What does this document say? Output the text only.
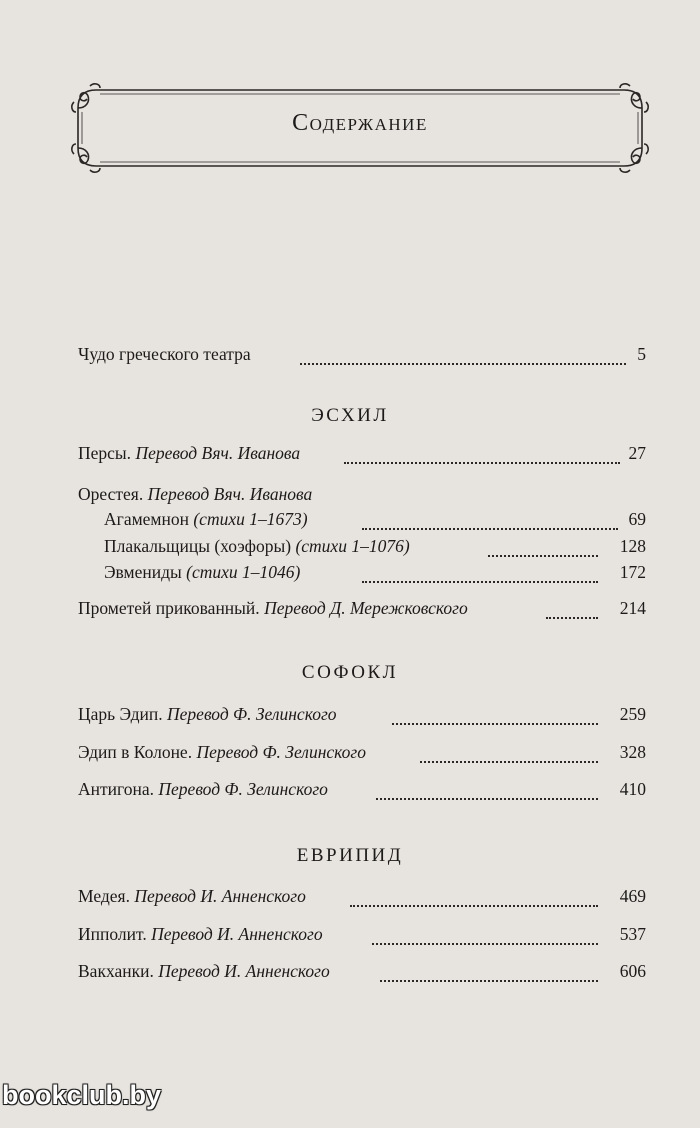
Содержание
Чудо греческого театра	5
ЭСХИЛ
Персы. Перевод Вяч. Иванова	27
Орестея. Перевод Вяч. Иванова
Агамемнон (стихи 1–1673)	69
Плакальщицы (хоэфоры) (стихи 1–1076)	128
Эвмениды (стихи 1–1046)	172
Прометей прикованный. Перевод Д. Мережковского	214
СОФОКЛ
Царь Эдип. Перевод Ф. Зелинского	259
Эдип в Колоне. Перевод Ф. Зелинского	328
Антигона. Перевод Ф. Зелинского	410
ЕВРИПИД
Медея. Перевод И. Анненского	469
Ипполит. Перевод И. Анненского	537
Вакханки. Перевод И. Анненского	606
bookclub.by
